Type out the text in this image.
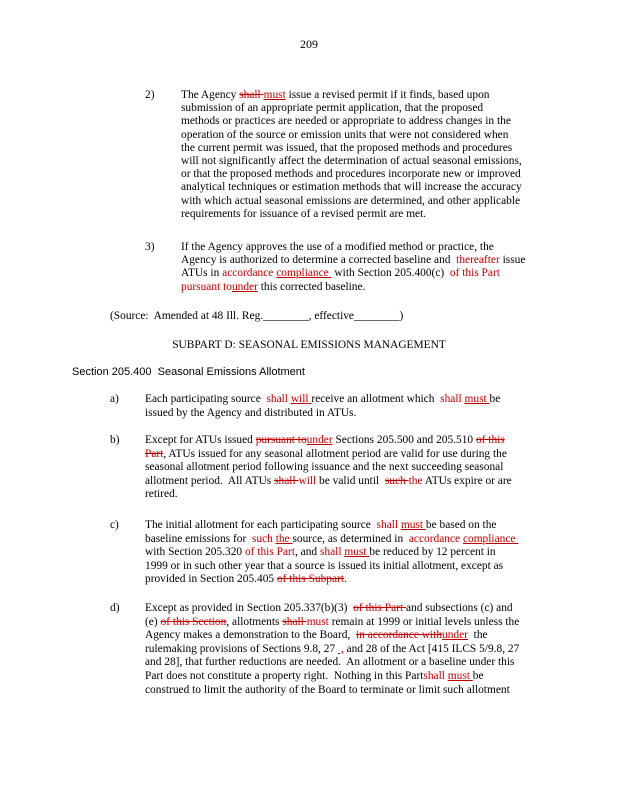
209
2) The Agency shall must issue a revised permit if it finds, based upon
submission of an appropriate permit application, that the proposed
methods or practices are needed or appropriate to address changes in the
operation of the source or emission units that were not considered when
the current permit was issued, that the proposed methods and procedures
will not significantly affect the determination of actual seasonal emissions,
or that the proposed methods and procedures incorporate new or improved
analytical techniques or estimation methods that will increase the accuracy
with which actual seasonal emissions are determined, and other applicable
requirements for issuance of a revised permit are met.
3) If the Agency approves the use of a modified method or practice, the
Agency is authorized to determine a corrected baseline and  thereafter issue
ATUs in accordance compliance  with Section 205.400(c)  of this Part
pursuant tounder this corrected baseline.
(Source:  Amended at 48 Ill. Reg.________, effective________)
SUBPART D: SEASONAL EMISSIONS MANAGEMENT
Section 205.400  Seasonal Emissions Allotment
a) Each participating source  shall will receive an allotment which  shall must be
issued by the Agency and distributed in ATUs.
b) Except for ATUs issued pursuant tounder Sections 205.500 and 205.510 of this
Part, ATUs issued for any seasonal allotment period are valid for use during the
seasonal allotment period following issuance and the next succeeding seasonal
allotment period.  All ATUs shall will be valid until  such the ATUs expire or are
retired.
c) The initial allotment for each participating source  shall must be based on the
baseline emissions for  such the source, as determined in  accordance compliance
with Section 205.320 of this Part, and shall must be reduced by 12 percent in
1999 or in such other year that a source is issued its initial allotment, except as
provided in Section 205.405 of this Subpart.
d) Except as provided in Section 205.337(b)(3)  of this Part and subsections (c) and
(e) of this Section, allotments shall must remain at 1999 or initial levels unless the
Agency makes a demonstration to the Board,  in accordance withunder  the
rulemaking provisions of Sections 9.8, 27  , and 28 of the Act [415 ILCS 5/9.8, 27
and 28], that further reductions are needed.  An allotment or a baseline under this
Part does not constitute a property right.  Nothing in this Partshall must be
construed to limit the authority of the Board to terminate or limit such allotment
